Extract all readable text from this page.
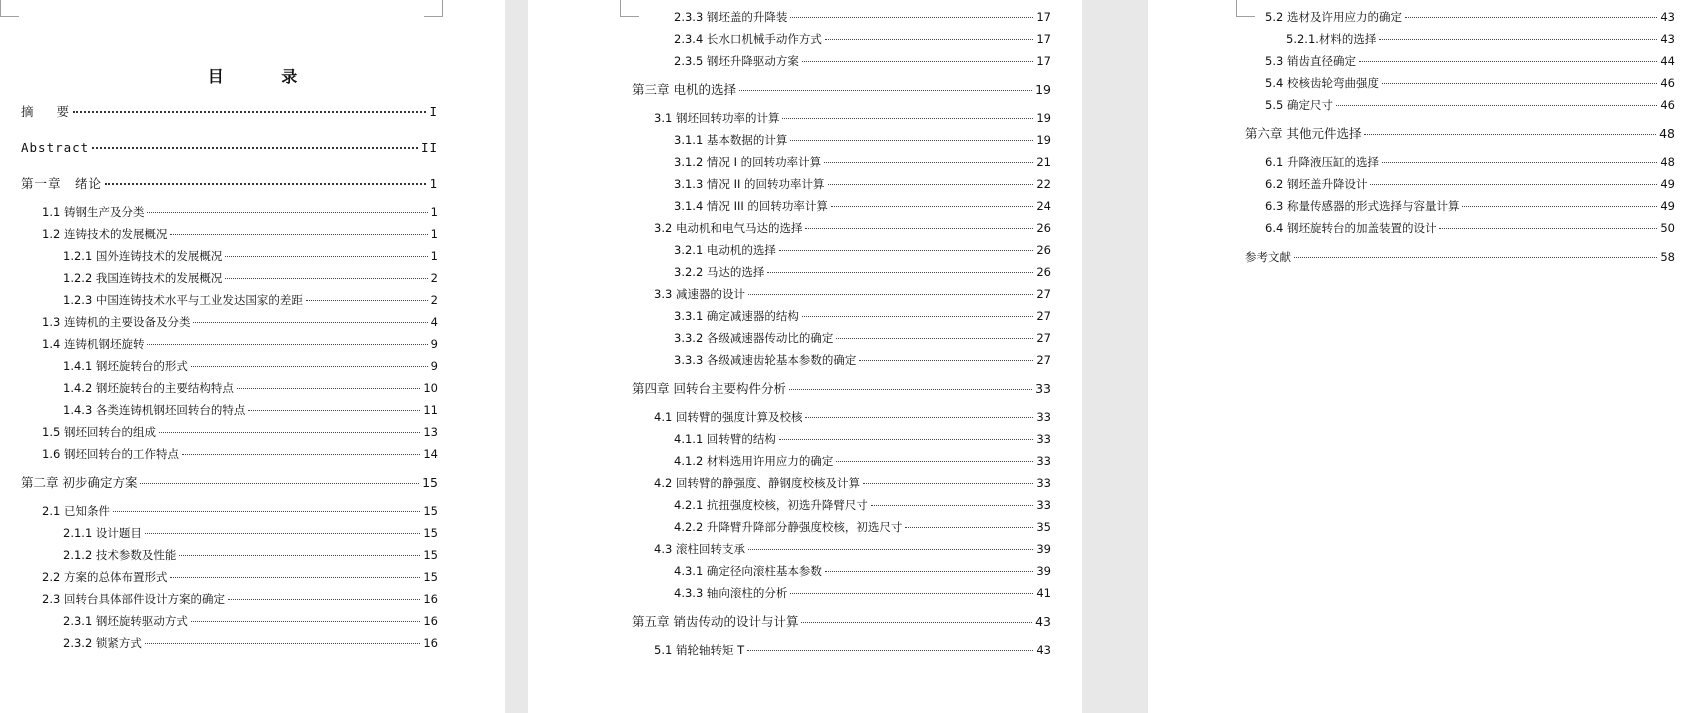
目 录
摘　 要	I
Abstract	II
第一章　绪论	1
1.1 铸钢生产及分类	1
1.2 连铸技术的发展概况	1
1.2.1 国外连铸技术的发展概况	1
1.2.2 我国连铸技术的发展概况	2
1.2.3 中国连铸技术水平与工业发达国家的差距	2
1.3 连铸机的主要设备及分类	4
1.4 连铸机钢坯旋转	9
1.4.1 钢坯旋转台的形式	9
1.4.2 钢坯旋转台的主要结构特点	10
1.4.3 各类连铸机钢坯回转台的特点	11
1.5 钢坯回转台的组成	13
1.6 钢坯回转台的工作特点	14
第二章 初步确定方案	15
2.1 已知条件	15
2.1.1 设计题目	15
2.1.2 技术参数及性能	15
2.2 方案的总体布置形式	15
2.3 回转台具体部件设计方案的确定	16
2.3.1 钢坯旋转驱动方式	16
2.3.2 锁紧方式	16
2.3.3 钢坯盖的升降装	17
2.3.4 长水口机械手动作方式	17
2.3.5 钢坯升降驱动方案	17
第三章 电机的选择	19
3.1 钢坯回转功率的计算	19
3.1.1 基本数据的计算	19
3.1.2 情况 I 的回转功率计算	21
3.1.3 情况 II 的回转功率计算	22
3.1.4 情况 III 的回转功率计算	24
3.2 电动机和电气马达的选择	26
3.2.1 电动机的选择	26
3.2.2 马达的选择	26
3.3 减速器的设计	27
3.3.1 确定减速器的结构	27
3.3.2 各级减速器传动比的确定	27
3.3.3 各级减速齿轮基本参数的确定	27
第四章 回转台主要构件分析	33
4.1 回转臂的强度计算及校核	33
4.1.1 回转臂的结构	33
4.1.2 材料选用许用应力的确定	33
4.2 回转臂的静强度、静钢度校核及计算	33
4.2.1 抗扭强度校核，初选升降臂尺寸	33
4.2.2 升降臂升降部分静强度校核，初选尺寸	35
4.3 滚柱回转支承	39
4.3.1 确定径向滚柱基本参数	39
4.3.3 轴向滚柱的分析	41
第五章 销齿传动的设计与计算	43
5.1 销轮轴转矩 T	43
5.2 选材及许用应力的确定	43
5.2.1.材料的选择	43
5.3 销齿直径确定	44
5.4 校核齿轮弯曲强度	46
5.5 确定尺寸	46
第六章 其他元件选择	48
6.1 升降液压缸的选择	48
6.2 钢坯盖升降设计	49
6.3 称量传感器的形式选择与容量计算	49
6.4 钢坯旋转台的加盖装置的设计	50
参考文献	58
